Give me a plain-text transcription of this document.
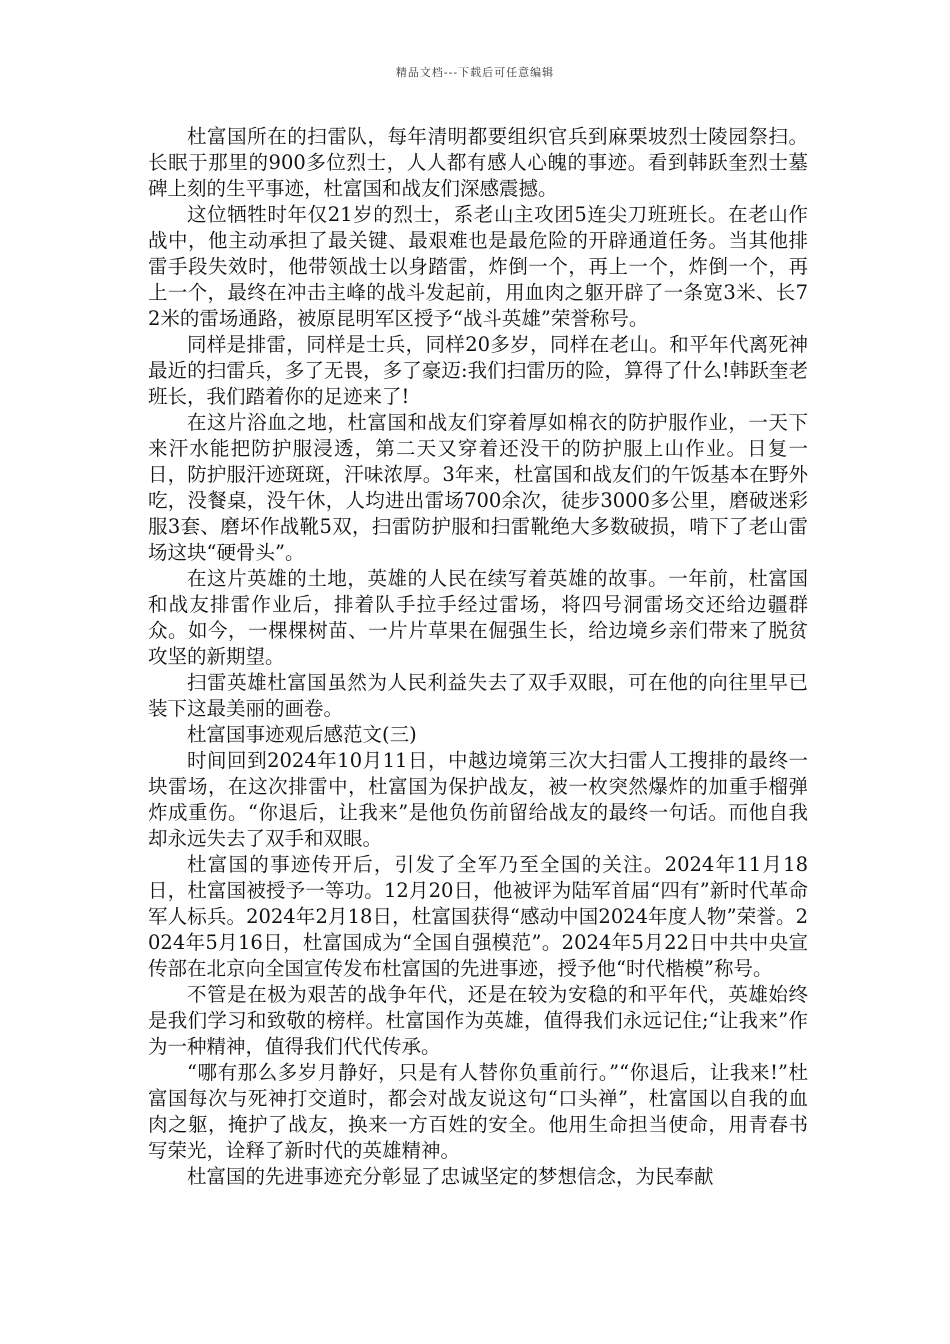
精品文档---下载后可任意编辑

杜富国所在的扫雷队，每年清明都要组织官兵到麻栗坡烈士陵园祭扫。长眠于那里的900多位烈士，人人都有感人心魄的事迹。看到韩跃奎烈士墓碑上刻的生平事迹，杜富国和战友们深感震撼。

这位牺牲时年仅21岁的烈士，系老山主攻团5连尖刀班班长。在老山作战中，他主动承担了最关键、最艰难也是最危险的开辟通道任务。当其他排雷手段失效时，他带领战士以身踏雷，炸倒一个，再上一个，炸倒一个，再上一个，最终在冲击主峰的战斗发起前，用血肉之躯开辟了一条宽3米、长72米的雷场通路，被原昆明军区授予“战斗英雄”荣誉称号。

同样是排雷，同样是士兵，同样20多岁，同样在老山。和平年代离死神最近的扫雷兵，多了无畏，多了豪迈:我们扫雷历的险，算得了什么!韩跃奎老班长，我们踏着你的足迹来了!

在这片浴血之地，杜富国和战友们穿着厚如棉衣的防护服作业，一天下来汗水能把防护服浸透，第二天又穿着还没干的防护服上山作业。日复一日，防护服汗迹斑斑，汗味浓厚。3年来，杜富国和战友们的午饭基本在野外吃，没餐桌，没午休，人均进出雷场700余次，徒步3000多公里，磨破迷彩服3套、磨坏作战靴5双，扫雷防护服和扫雷靴绝大多数破损，啃下了老山雷场这块“硬骨头”。

在这片英雄的土地，英雄的人民在续写着英雄的故事。一年前，杜富国和战友排雷作业后，排着队手拉手经过雷场，将四号洞雷场交还给边疆群众。如今，一棵棵树苗、一片片草果在倔强生长，给边境乡亲们带来了脱贫攻坚的新期望。

扫雷英雄杜富国虽然为人民利益失去了双手双眼，可在他的向往里早已装下这最美丽的画卷。

杜富国事迹观后感范文(三)

时间回到2024年10月11日，中越边境第三次大扫雷人工搜排的最终一块雷场，在这次排雷中，杜富国为保护战友，被一枚突然爆炸的加重手榴弹炸成重伤。“你退后，让我来”是他负伤前留给战友的最终一句话。而他自我却永远失去了双手和双眼。

杜富国的事迹传开后，引发了全军乃至全国的关注。2024年11月18日，杜富国被授予一等功。12月20日，他被评为陆军首届“四有”新时代革命军人标兵。2024年2月18日，杜富国获得“感动中国2024年度人物”荣誉。2024年5月16日，杜富国成为“全国自强模范”。2024年5月22日中共中央宣传部在北京向全国宣传发布杜富国的先进事迹，授予他“时代楷模”称号。

不管是在极为艰苦的战争年代，还是在较为安稳的和平年代，英雄始终是我们学习和致敬的榜样。杜富国作为英雄，值得我们永远记住;“让我来”作为一种精神，值得我们代代传承。

“哪有那么多岁月静好，只是有人替你负重前行。”“你退后，让我来!”杜富国每次与死神打交道时，都会对战友说这句“口头禅”，杜富国以自我的血肉之躯，掩护了战友，换来一方百姓的安全。他用生命担当使命，用青春书写荣光，诠释了新时代的英雄精神。

杜富国的先进事迹充分彰显了忠诚坚定的梦想信念，为民奉献
